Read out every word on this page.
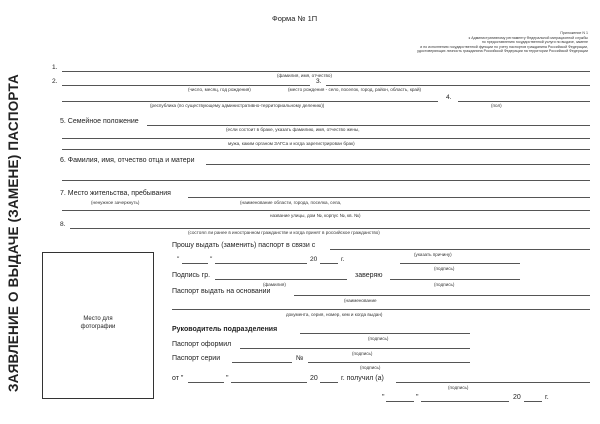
Форма № 1П
Приложение N 1
к Административному регламенту Федеральной миграционной службы
по предоставлению государственной услуги по выдаче, замене
и по исполнению государственной функции по учету паспортов гражданина Российской Федерации,
удостоверяющих личность гражданина Российской Федерации на территории Российской Федерации
ЗАЯВЛЕНИЕ О ВЫДАЧЕ (ЗАМЕНЕ) ПАСПОРТА
1.
(фамилия, имя, отчество)
2.	3.
(число, месяц, год рождения)	(место рождения - село, поселок, город, район, область, край)
4.
(республика (по существующему административно-территориальному делению))	(пол)
5. Семейное положение
(если состоит в браке, указать фамилию, имя, отчество жены,
мужа, каким органом ЗАГСа и когда зарегистрирован брак)
6. Фамилия, имя, отчество отца и матери
7. Место жительства, пребывания
(ненужное зачеркнуть)	(наименование области, города, поселка, села,
название улицы, дом №, корпус №, кв. №)
8.
(состоял ли ранее в иностранном гражданстве и когда принят в российское гражданство)
Место для
фотографии
Прошу выдать (заменить) паспорт в связи с
(указать причину)
"	"	20	г.
(подпись)
Подпись гр.
(фамилия)
заверяю
(подпись)
Паспорт выдать на основании
(наименование
документа, серия, номер, кем и когда выдан)
Руководитель подразделения
(подпись)
Паспорт оформил
(подпись)
Паспорт серии	№
(подпись)
от "	"	20	г. получил (а)
(подпись)
"	"	20	г.
